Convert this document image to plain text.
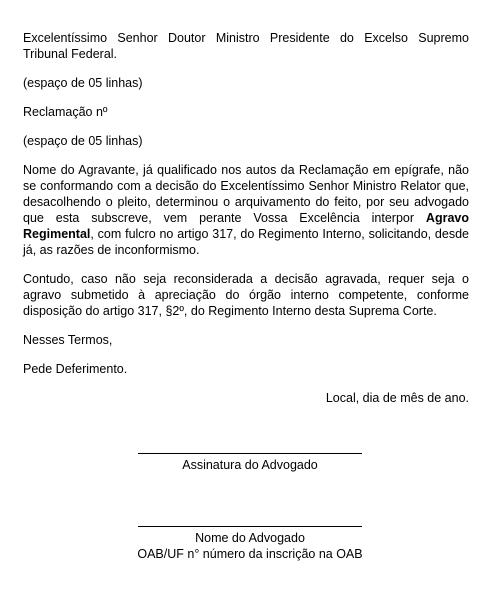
Excelentíssimo Senhor Doutor Ministro Presidente do Excelso Supremo Tribunal Federal.

(espaço de 05 linhas)

Reclamação nº

(espaço de 05 linhas)

Nome do Agravante, já qualificado nos autos da Reclamação em epígrafe, não se conformando com a decisão do Excelentíssimo Senhor Ministro Relator que, desacolhendo o pleito, determinou o arquivamento do feito, por seu advogado que esta subscreve, vem perante Vossa Excelência interpor Agravo Regimental, com fulcro no artigo 317, do Regimento Interno, solicitando, desde já, as razões de inconformismo.

Contudo, caso não seja reconsiderada a decisão agravada, requer seja o agravo submetido à apreciação do órgão interno competente, conforme disposição do artigo 317, §2º, do Regimento Interno desta Suprema Corte.

Nesses Termos,

Pede Deferimento.

Local, dia de mês de ano.

Assinatura do Advogado
Nome do Advogado
OAB/UF n° número da inscrição na OAB
